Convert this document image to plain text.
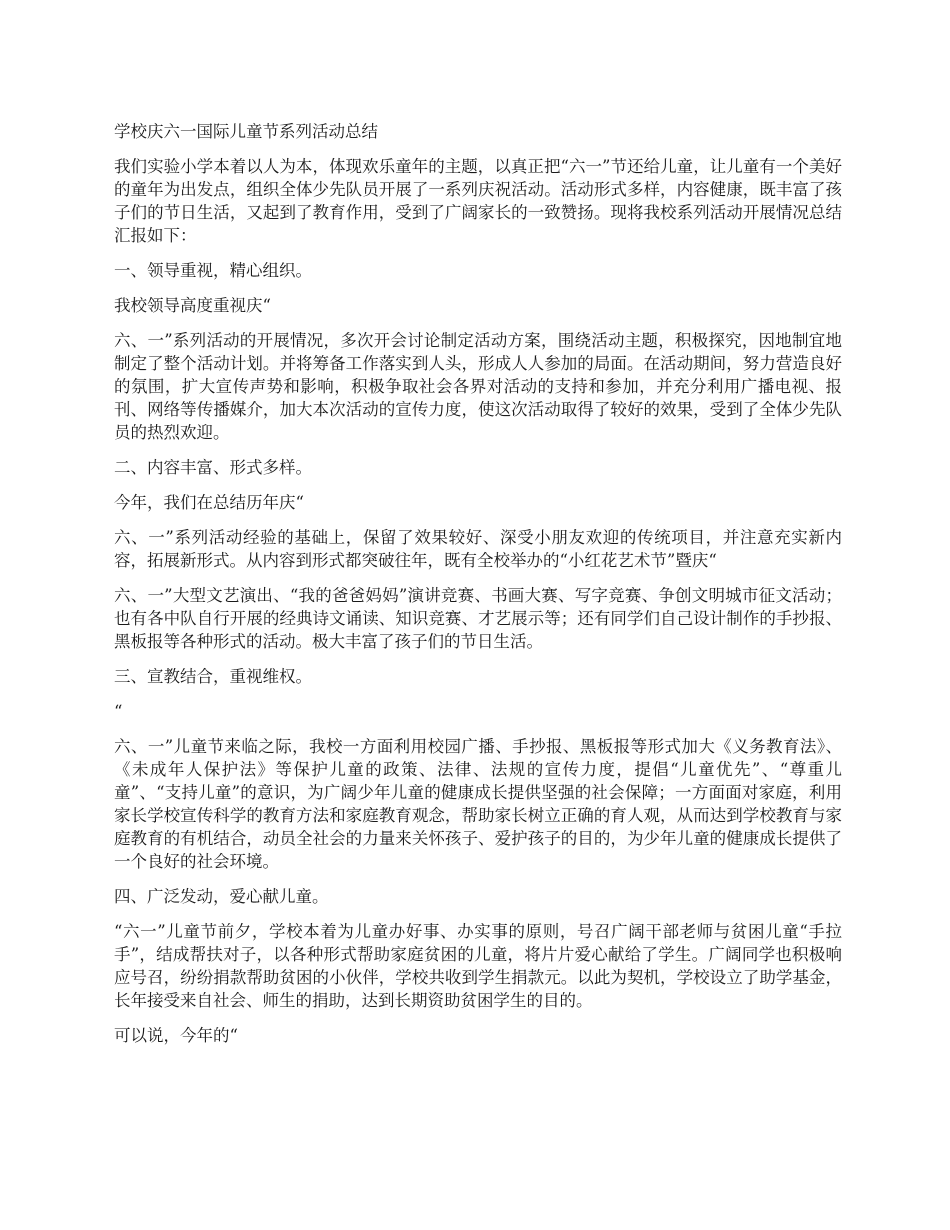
学校庆六一国际儿童节系列活动总结

我们实验小学本着以人为本，体现欢乐童年的主题，以真正把“六一”节还给儿童，让儿童有一个美好的童年为出发点，组织全体少先队员开展了一系列庆祝活动。活动形式多样，内容健康，既丰富了孩子们的节日生活，又起到了教育作用，受到了广阔家长的一致赞扬。现将我校系列活动开展情况总结汇报如下：

一、领导重视，精心组织。

我校领导高度重视庆“

六、一”系列活动的开展情况，多次开会讨论制定活动方案，围绕活动主题，积极探究，因地制宜地制定了整个活动计划。并将筹备工作落实到人头，形成人人参加的局面。在活动期间，努力营造良好的氛围，扩大宣传声势和影响，积极争取社会各界对活动的支持和参加，并充分利用广播电视、报刊、网络等传播媒介，加大本次活动的宣传力度，使这次活动取得了较好的效果，受到了全体少先队员的热烈欢迎。

二、内容丰富、形式多样。

今年，我们在总结历年庆“

六、一”系列活动经验的基础上，保留了效果较好、深受小朋友欢迎的传统项目，并注意充实新内容，拓展新形式。从内容到形式都突破往年，既有全校举办的“小红花艺术节”暨庆“

六、一”大型文艺演出、“我的爸爸妈妈”演讲竞赛、书画大赛、写字竞赛、争创文明城市征文活动；也有各中队自行开展的经典诗文诵读、知识竞赛、才艺展示等；还有同学们自己设计制作的手抄报、黑板报等各种形式的活动。极大丰富了孩子们的节日生活。

三、宣教结合，重视维权。

“

六、一”儿童节来临之际，我校一方面利用校园广播、手抄报、黑板报等形式加大《义务教育法》、《未成年人保护法》等保护儿童的政策、法律、法规的宣传力度，提倡“儿童优先”、“尊重儿童”、“支持儿童”的意识，为广阔少年儿童的健康成长提供坚强的社会保障；一方面面对家庭，利用家长学校宣传科学的教育方法和家庭教育观念，帮助家长树立正确的育人观，从而达到学校教育与家庭教育的有机结合，动员全社会的力量来关怀孩子、爱护孩子的目的，为少年儿童的健康成长提供了一个良好的社会环境。

四、广泛发动，爱心献儿童。

“六一”儿童节前夕，学校本着为儿童办好事、办实事的原则，号召广阔干部老师与贫困儿童“手拉手”，结成帮扶对子，以各种形式帮助家庭贫困的儿童，将片片爱心献给了学生。广阔同学也积极响应号召，纷纷捐款帮助贫困的小伙伴，学校共收到学生捐款元。以此为契机，学校设立了助学基金，长年接受来自社会、师生的捐助，达到长期资助贫困学生的目的。

可以说，今年的“
